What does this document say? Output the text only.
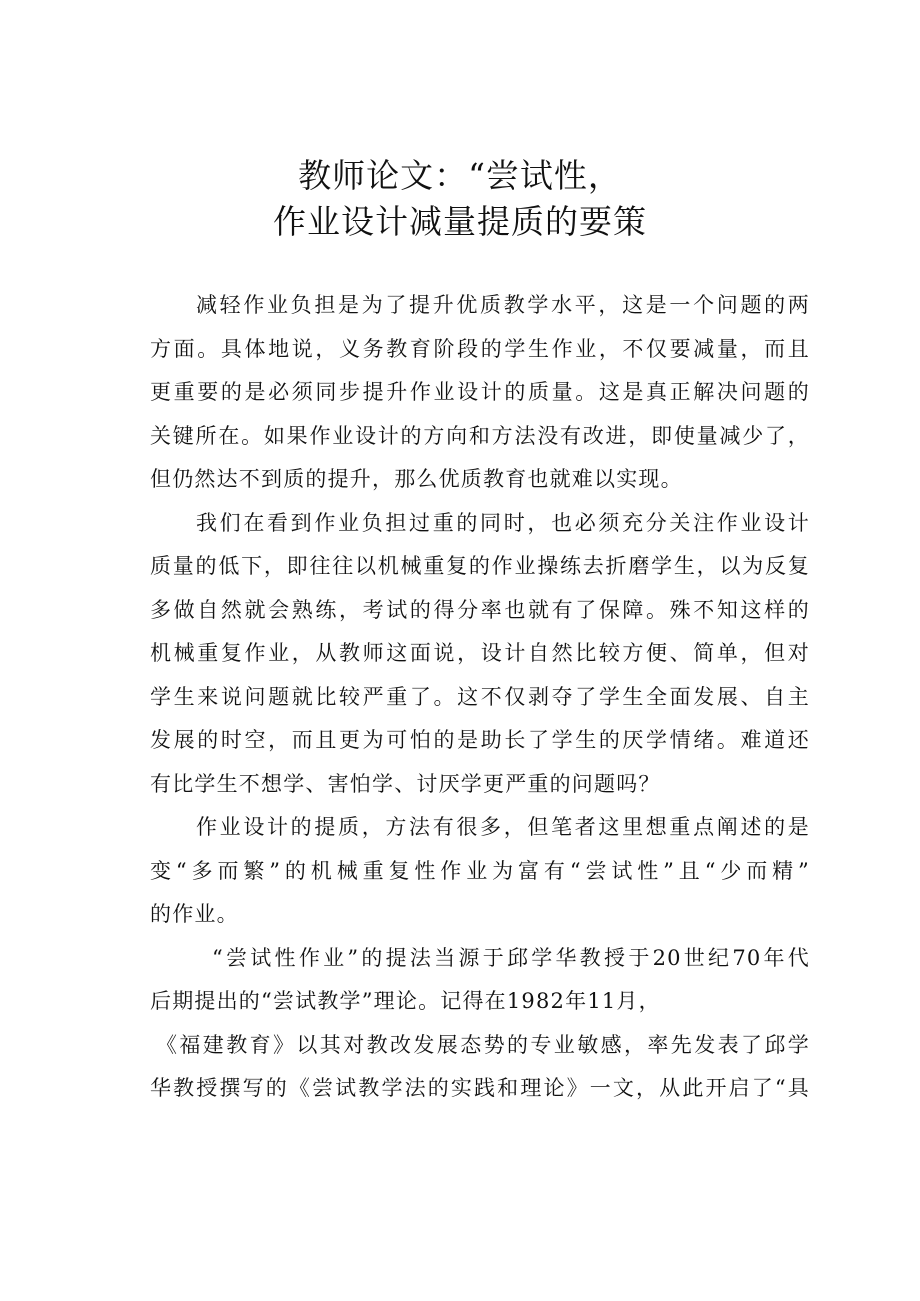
教师论文：“尝试性，
作业设计减量提质的要策
减轻作业负担是为了提升优质教学水平，这是一个问题的两
方面。具体地说，义务教育阶段的学生作业，不仅要减量，而且
更重要的是必须同步提升作业设计的质量。这是真正解决问题的
关键所在。如果作业设计的方向和方法没有改进，即使量减少了，
但仍然达不到质的提升，那么优质教育也就难以实现。
我们在看到作业负担过重的同时，也必须充分关注作业设计
质量的低下，即往往以机械重复的作业操练去折磨学生，以为反复
多做自然就会熟练，考试的得分率也就有了保障。殊不知这样的
机械重复作业，从教师这面说，设计自然比较方便、简单，但对
学生来说问题就比较严重了。这不仅剥夺了学生全面发展、自主
发展的时空，而且更为可怕的是助长了学生的厌学情绪。难道还
有比学生不想学、害怕学、讨厌学更严重的问题吗？
作业设计的提质，方法有很多，但笔者这里想重点阐述的是
变“多而繁”的机械重复性作业为富有“尝试性”且“少而精”
的作业。
“尝试性作业”的提法当源于邱学华教授于20世纪70年代
后期提出的“尝试教学”理论。记得在1982年11月，
《福建教育》以其对教改发展态势的专业敏感，率先发表了邱学
华教授撰写的《尝试教学法的实践和理论》一文，从此开启了“具
